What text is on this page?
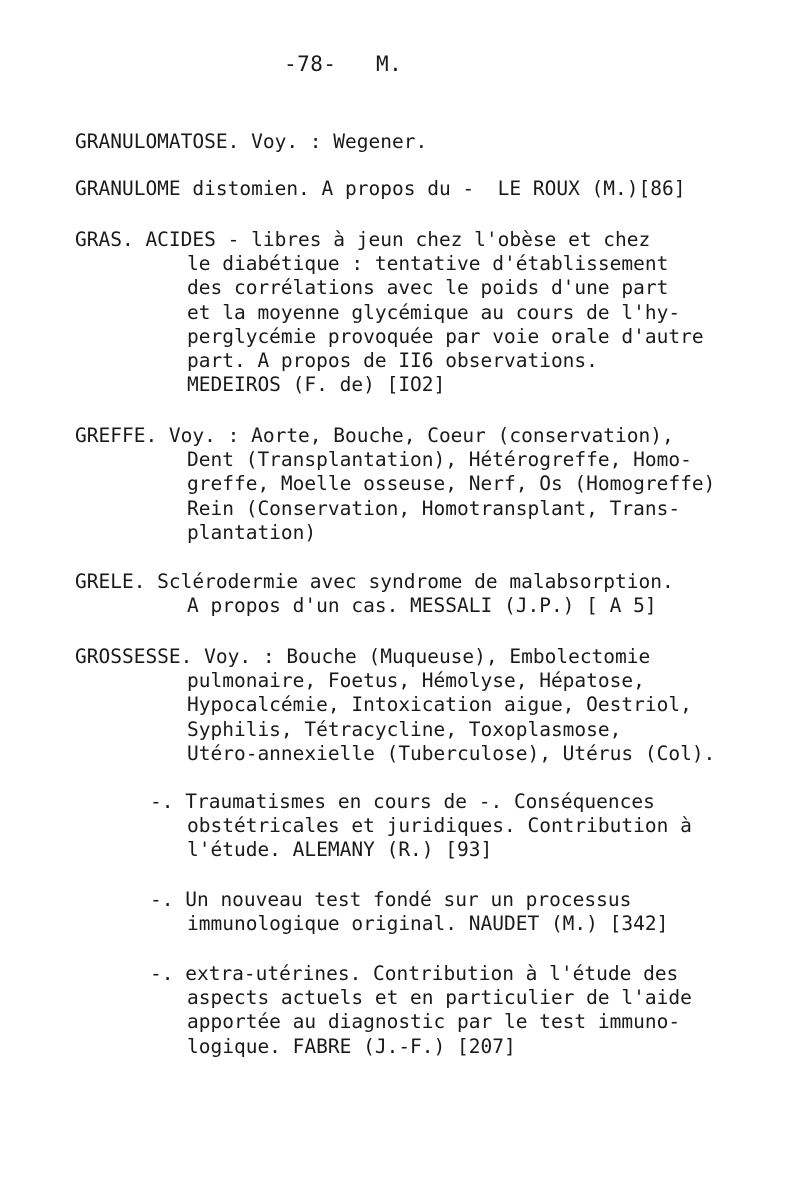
-78- M.
GRANULOMATOSE. Voy. : Wegener.
GRANULOME distomien. A propos du -  LE ROUX (M.)[86]
GRAS. ACIDES - libres à jeun chez l'obèse et chez
le diabétique : tentative d'établissement
des corrélations avec le poids d'une part
et la moyenne glycémique au cours de l'hy-
perglycémie provoquée par voie orale d'autre
part. A propos de II6 observations.
MEDEIROS (F. de) [IO2]
GREFFE. Voy. : Aorte, Bouche, Coeur (conservation),
Dent (Transplantation), Hétérogreffe, Homo-
greffe, Moelle osseuse, Nerf, Os (Homogreffe)
Rein (Conservation, Homotransplant, Trans-
plantation)
GRELE. Sclérodermie avec syndrome de malabsorption.
A propos d'un cas. MESSALI (J.P.) [ A 5]
GROSSESSE. Voy. : Bouche (Muqueuse), Embolectomie
pulmonaire, Foetus, Hémolyse, Hépatose,
Hypocalcémie, Intoxication aigue, Oestriol,
Syphilis, Tétracycline, Toxoplasmose,
Utéro-annexielle (Tuberculose), Utérus (Col).
-. Traumatismes en cours de -. Conséquences
obstétricales et juridiques. Contribution à
l'étude. ALEMANY (R.) [93]
-. Un nouveau test fondé sur un processus
immunologique original. NAUDET (M.) [342]
-. extra-utérines. Contribution à l'étude des
aspects actuels et en particulier de l'aide
apportée au diagnostic par le test immuno-
logique. FABRE (J.-F.) [207]
